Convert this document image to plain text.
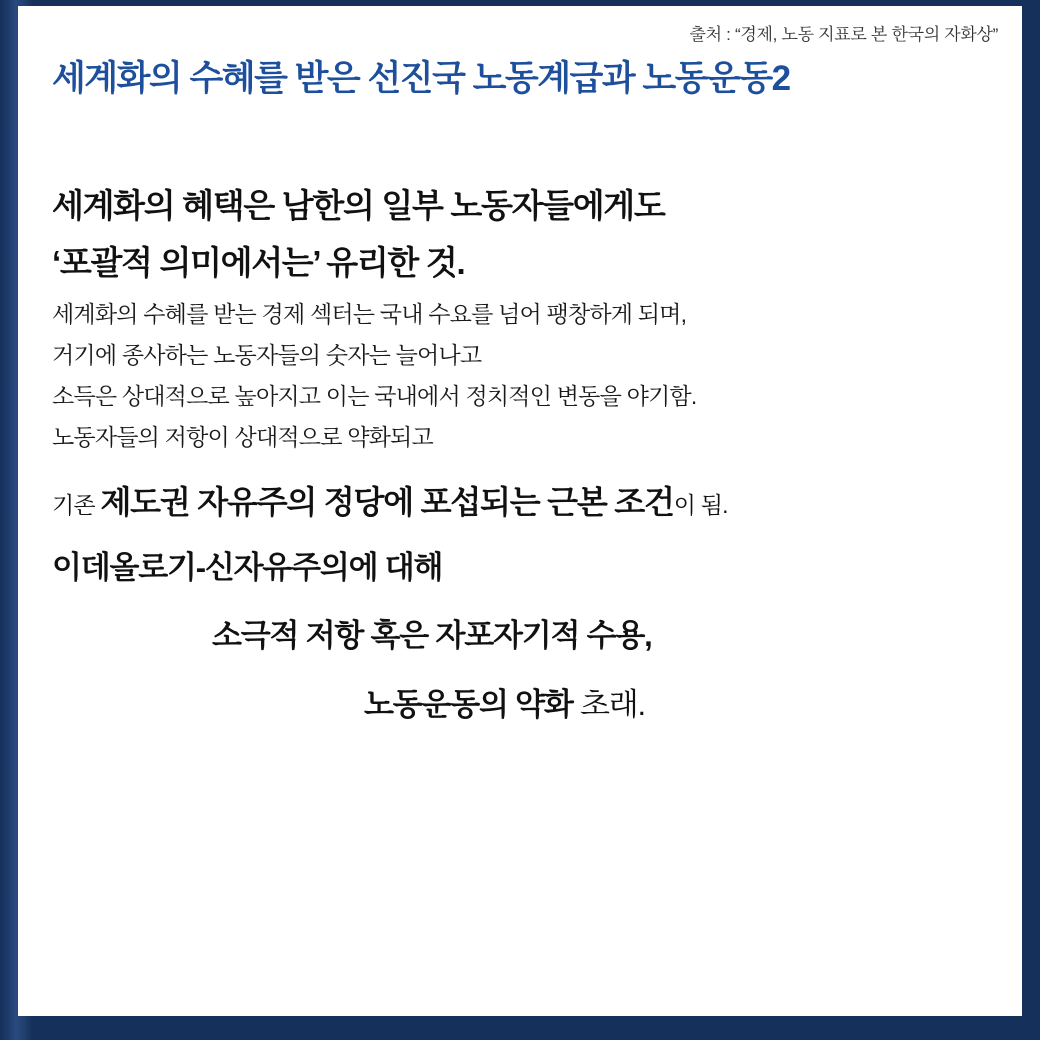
출처 : “경제, 노동 지표로 본 한국의 자화상”
세계화의 수혜를 받은 선진국 노동계급과 노동운동2

세계화의 혜택은 남한의 일부 노동자들에게도

‘포괄적 의미에서는’ 유리한 것.

세계화의 수혜를 받는 경제 섹터는 국내 수요를 넘어 팽창하게 되며,

거기에 종사하는 노동자들의 숫자는 늘어나고

소득은 상대적으로 높아지고 이는 국내에서 정치적인 변동을 야기함.

노동자들의 저항이 상대적으로 약화되고

기존 제도권 자유주의 정당에 포섭되는 근본 조건이 됨.

이데올로기-신자유주의에 대해

소극적 저항 혹은 자포자기적 수용,

노동운동의 약화 초래.
